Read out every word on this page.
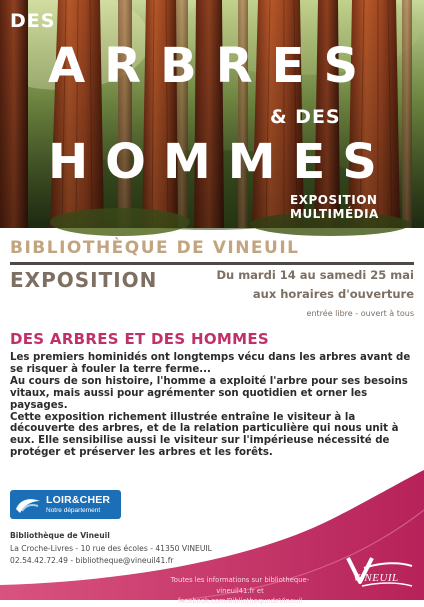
DES
ARBRES
& DES
HOMMES
EXPOSITION
MULTIMÉDIA
BIBLIOTHÈQUE DE VINEUIL
EXPOSITION	Du mardi 14 au samedi 25 mai
aux horaires d'ouverture
entrée libre - ouvert à tous
DES ARBRES ET DES HOMMES

Les premiers hominidés ont longtemps vécu dans les arbres avant de se risquer à fouler la terre ferme...

Au cours de son histoire, l'homme a exploité l'arbre pour ses besoins vitaux, mais aussi pour agrémenter son quotidien et orner les paysages.

Cette exposition richement illustrée entraîne le visiteur à la découverte des arbres, et de la relation particulière qui nous unit à eux. Elle sensibilise aussi le visiteur sur l'impérieuse nécessité de protéger et préserver les arbres et les forêts.

LOIR&CHER
Notre département
Bibliothèque de Vineuil
La Croche-Livres - 10 rue des écoles - 41350 VINEUIL
02.54.42.72.49 - bibliotheque@vineuil41.fr
Toutes les informations sur bibliotheque-vineuil41.fr et
facebook.com/BibliothequedeVineuil
VINEUIL
